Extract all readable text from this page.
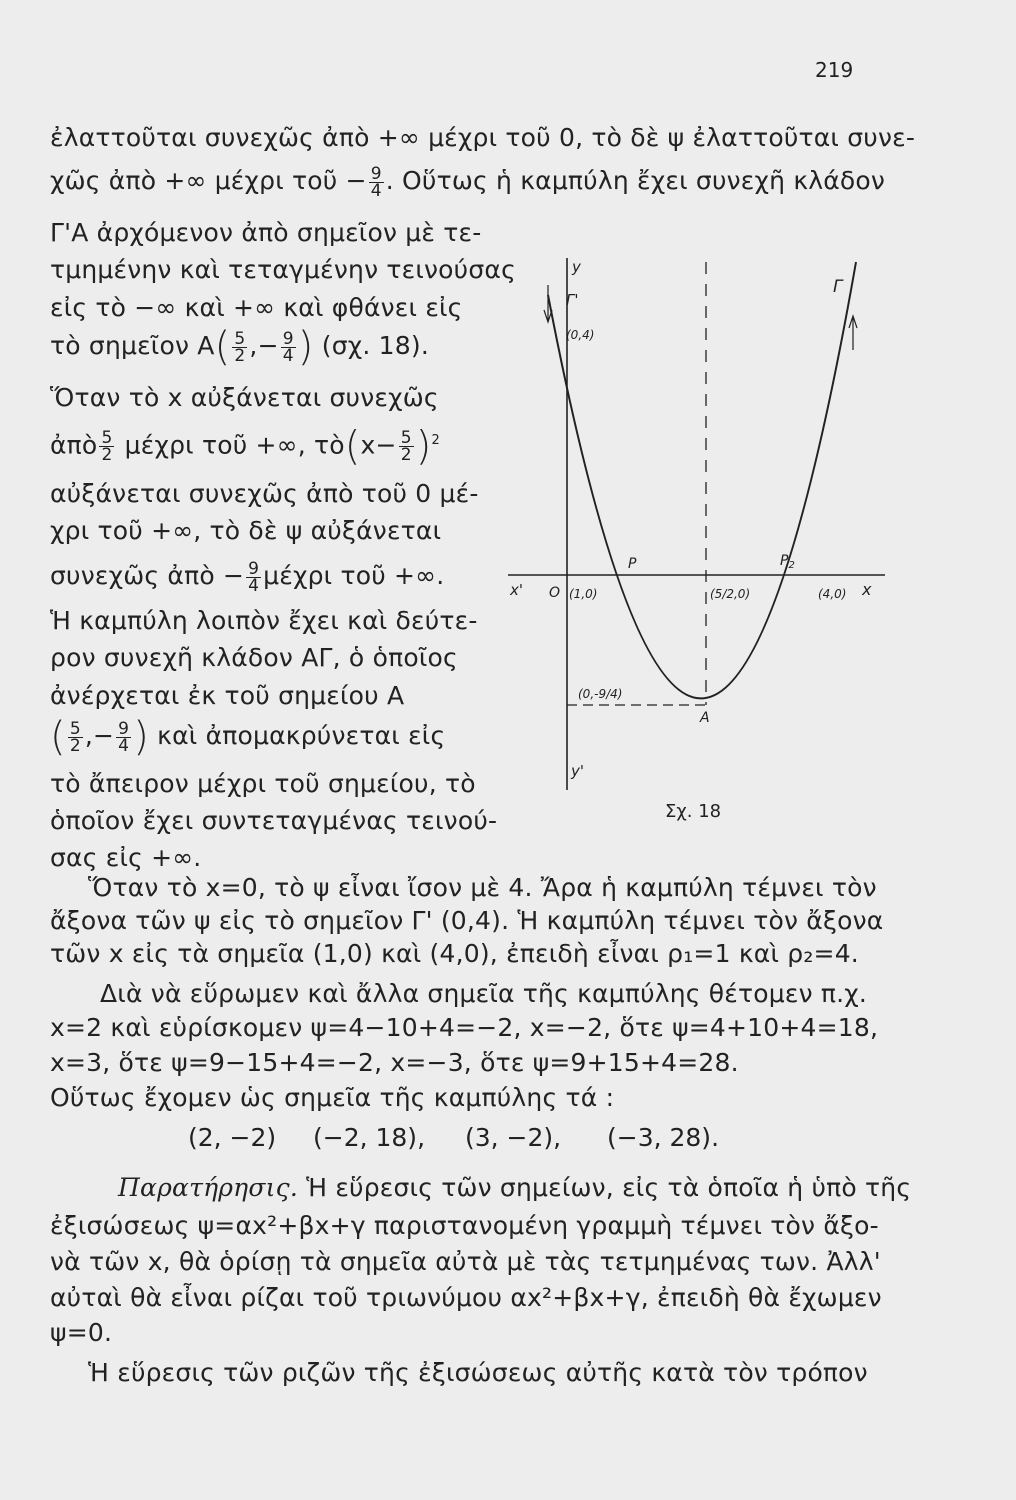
219
ἐλαττοῦται συνεχῶς ἀπὸ +∞ μέχρι τοῦ 0, τὸ δὲ ψ ἐλαττοῦται συνε-
χῶς ἀπὸ +∞ μέχρι τοῦ − $\frac{9}{4}$ . Οὕτως ἡ καμπύλη ἔχει συνεχῆ κλάδον
Γ'Α ἀρχόμενον ἀπὸ σημεῖον μὲ τε-
τμημένην καὶ τεταγμένην τεινούσας
εἰς τὸ −∞ καὶ +∞ καὶ φθάνει εἰς
τὸ σημεῖον $A( \frac{5}{2}$ ,− $\frac{9}{4}$ ) (σχ. 18).
Ὅταν τὸ x αὐξάνεται συνεχῶς
ἀπὸ $\frac{5}{2}$ μέχρι τοῦ +∞, τὸ(x− $\frac{5}{2} )^2$
αὐξάνεται συνεχῶς ἀπὸ τοῦ 0 μέ-
χρι τοῦ +∞, τὸ δὲ ψ αὐξάνεται
συνεχῶς ἀπὸ − $\frac{9}{4}$ μέχρι τοῦ +∞.
Ἡ καμπύλη λοιπὸν ἔχει καὶ δεύτε-
ρον συνεχῆ κλάδον ΑΓ, ὁ ὁποῖος
ἀνέρχεται ἐκ τοῦ σημείου Α
( $\frac{5}{2}$ ,− $\frac{9}{4}$ ) καὶ ἀπομακρύνεται εἰς
τὸ ἄπειρον μέχρι τοῦ σημείου, τὸ
ὁποῖον ἔχει συντεταγμένας τεινού-
σας εἰς +∞.
Ὅταν τὸ x=0, τὸ ψ εἶναι ἴσον μὲ 4. Ἄρα ἡ καμπύλη τέμνει τὸν
ἄξονα τῶν ψ εἰς τὸ σημεῖον Γ' (0,4). Ἡ καμπύλη τέμνει τὸν ἄξονα
τῶν x εἰς τὰ σημεῖα (1,0) καὶ (4,0), ἐπειδὴ εἶναι ρ₁=1 καὶ ρ₂=4.
Διὰ νὰ εὕρωμεν καὶ ἄλλα σημεῖα τῆς καμπύλης θέτομεν π.χ.
x=2 καὶ εὑρίσκομεν ψ=4−10+4=−2, x=−2, ὅτε ψ=4+10+4=18,
x=3, ὅτε ψ=9−15+4=−2, x=−3, ὅτε ψ=9+15+4=28.
Οὕτως ἔχομεν ὡς σημεῖα τῆς καμπύλης τά :
(2, −2) (−2, 18), (3, −2), (−3, 28).
Παρατήρησις. Ἡ εὕρεσις τῶν σημείων, εἰς τὰ ὁποῖα ἡ ὑπὸ τῆς
ἐξισώσεως ψ=αx²+βx+γ παριστανομένη γραμμὴ τέμνει τὸν ἄξο-
νὰ τῶν x, θὰ ὁρίσῃ τὰ σημεῖα αὐτὰ μὲ τὰς τετμημένας των. Ἀλλ'
αὐταὶ θὰ εἶναι ρίζαι τοῦ τριωνύμου αx²+βx+γ, ἐπειδὴ θὰ ἔχωμεν
ψ=0.
Ἡ εὕρεσις τῶν ριζῶν τῆς ἐξισώσεως αὐτῆς κατὰ τὸν τρόπον
y
Γ'
(0,4)
Γ
P	$P_2$
x' O (1,0)	(5/2,0)	(4,0) x
(0,-9/4)
A
y'
Σχ. 18
